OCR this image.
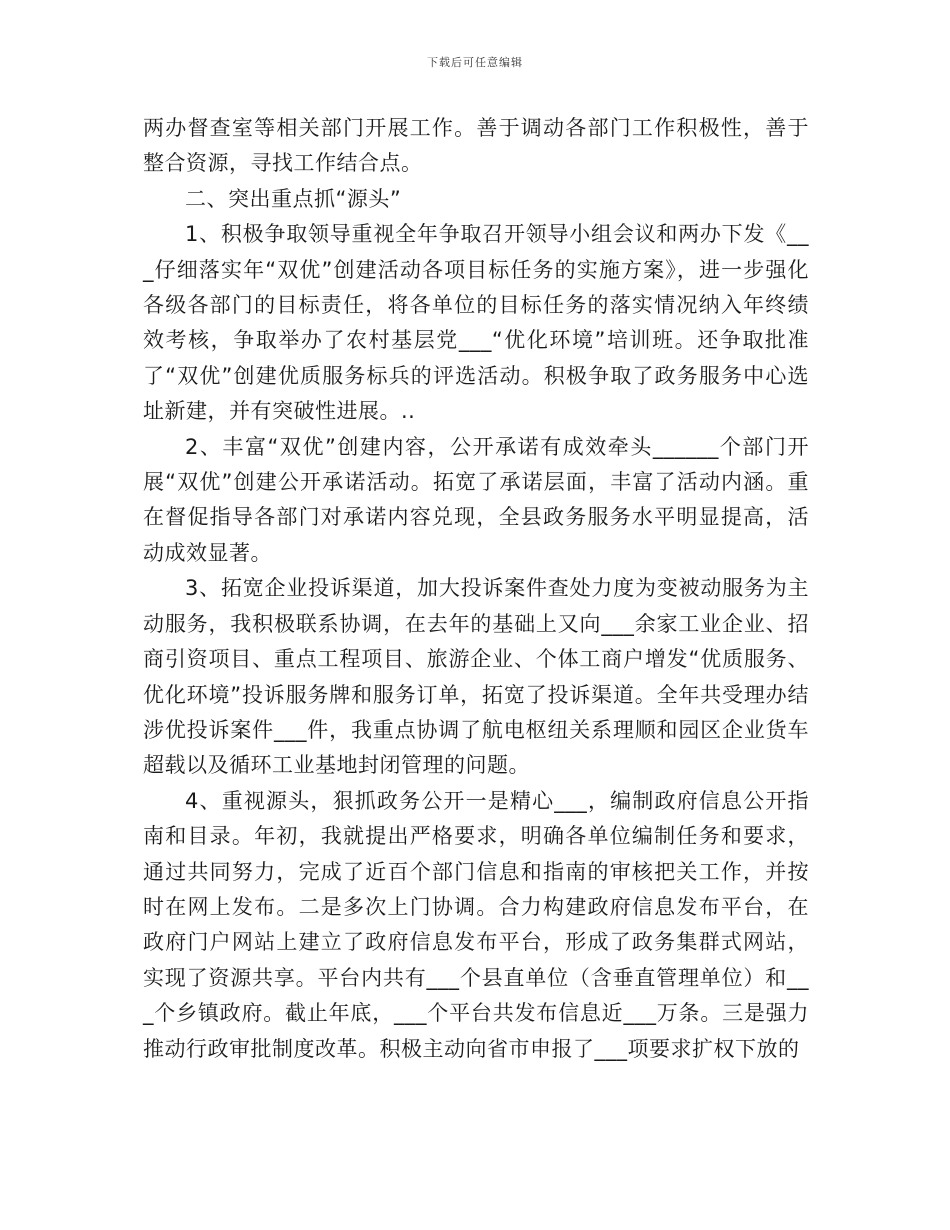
下载后可任意编辑

两办督查室等相关部门开展工作。善于调动各部门工作积极性，善于整合资源，寻找工作结合点。

二、突出重点抓“源头”

1、积极争取领导重视全年争取召开领导小组会议和两办下发《___仔细落实年“双优”创建活动各项目标任务的实施方案》，进一步强化各级各部门的目标责任，将各单位的目标任务的落实情况纳入年终绩效考核，争取举办了农村基层党___“优化环境”培训班。还争取批准了“双优”创建优质服务标兵的评选活动。积极争取了政务服务中心选址新建，并有突破性进展。..

2、丰富“双优”创建内容，公开承诺有成效牵头______个部门开展“双优”创建公开承诺活动。拓宽了承诺层面，丰富了活动内涵。重在督促指导各部门对承诺内容兑现，全县政务服务水平明显提高，活动成效显著。

3、拓宽企业投诉渠道，加大投诉案件查处力度为变被动服务为主动服务，我积极联系协调，在去年的基础上又向___余家工业企业、招商引资项目、重点工程项目、旅游企业、个体工商户增发“优质服务、优化环境”投诉服务牌和服务订单，拓宽了投诉渠道。全年共受理办结涉优投诉案件___件，我重点协调了航电枢纽关系理顺和园区企业货车超载以及循环工业基地封闭管理的问题。

4、重视源头，狠抓政务公开一是精心___，编制政府信息公开指南和目录。年初，我就提出严格要求，明确各单位编制任务和要求，通过共同努力，完成了近百个部门信息和指南的审核把关工作，并按时在网上发布。二是多次上门协调。合力构建政府信息发布平台，在政府门户网站上建立了政府信息发布平台，形成了政务集群式网站，实现了资源共享。平台内共有___个县直单位（含垂直管理单位）和___个乡镇政府。截止年底，___个平台共发布信息近___万条。三是强力推动行政审批制度改革。积极主动向省市申报了___项要求扩权下放的
